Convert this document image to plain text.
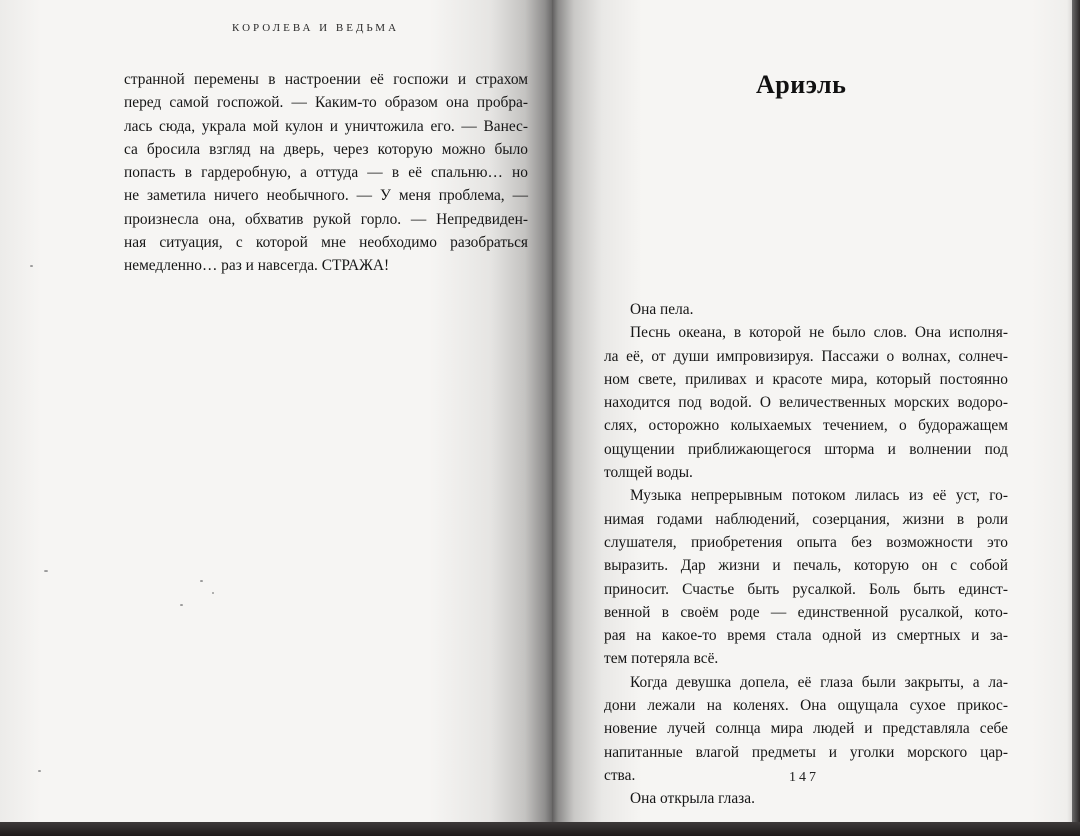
КОРОЛЕВА И ВЕДЬМА
странной перемены в настроении её госпожи и страхом
перед самой госпожой. — Каким-то образом она пробра-
лась сюда, украла мой кулон и уничтожила его. — Ванес-
са бросила взгляд на дверь, через которую можно было
попасть в гардеробную, а оттуда — в её спальню… но
не заметила ничего необычного. — У меня проблема, —
произнесла она, обхватив рукой горло. — Непредвиден-
ная ситуация, с которой мне необходимо разобраться
немедленно… раз и навсегда. СТРАЖА!
Ариэль
Она пела.
Песнь океана, в которой не было слов. Она исполня-
ла её, от души импровизируя. Пассажи о волнах, солнеч-
ном свете, приливах и красоте мира, который постоянно
находится под водой. О величественных морских водоро-
слях, осторожно колыхаемых течением, о будоражащем
ощущении приближающегося шторма и волнении под
толщей воды.
Музыка непрерывным потоком лилась из её уст, го-
нимая годами наблюдений, созерцания, жизни в роли
слушателя, приобретения опыта без возможности это
выразить. Дар жизни и печаль, которую он с собой
приносит. Счастье быть русалкой. Боль быть единст-
венной в своём роде — единственной русалкой, кото-
рая на какое-то время стала одной из смертных и за-
тем потеряла всё.
Когда девушка допела, её глаза были закрыты, а ла-
дони лежали на коленях. Она ощущала сухое прикос-
новение лучей солнца мира людей и представляла себе
напитанные влагой предметы и уголки морского цар-
ства.
Она открыла глаза.
147
